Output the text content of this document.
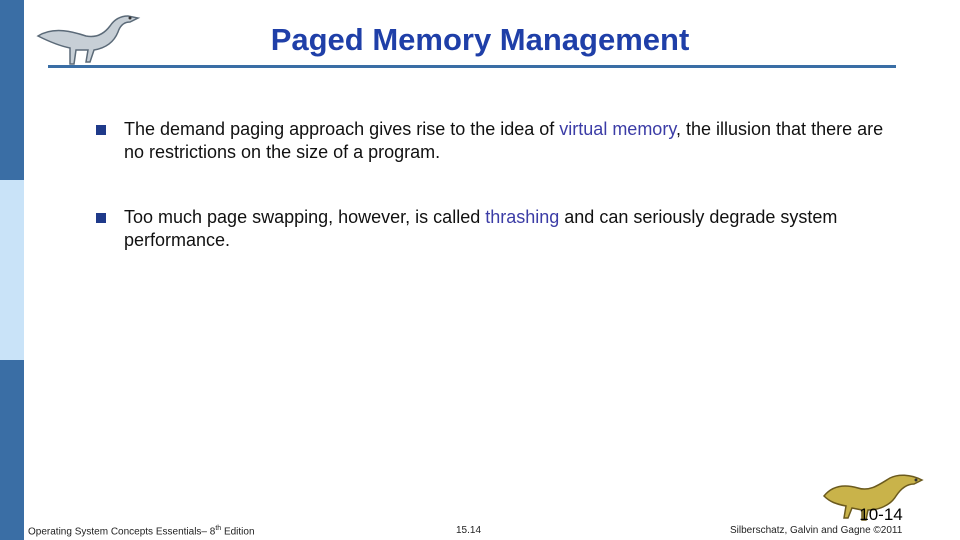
Paged Memory Management
The demand paging approach gives rise to the idea of virtual memory, the illusion that there are no restrictions on the size of a program.
Too much page swapping, however, is called thrashing and can seriously degrade system performance.
10-14
Operating System Concepts Essentials– 8th Edition	15.14	Silberschatz, Galvin and Gagne ©2011
